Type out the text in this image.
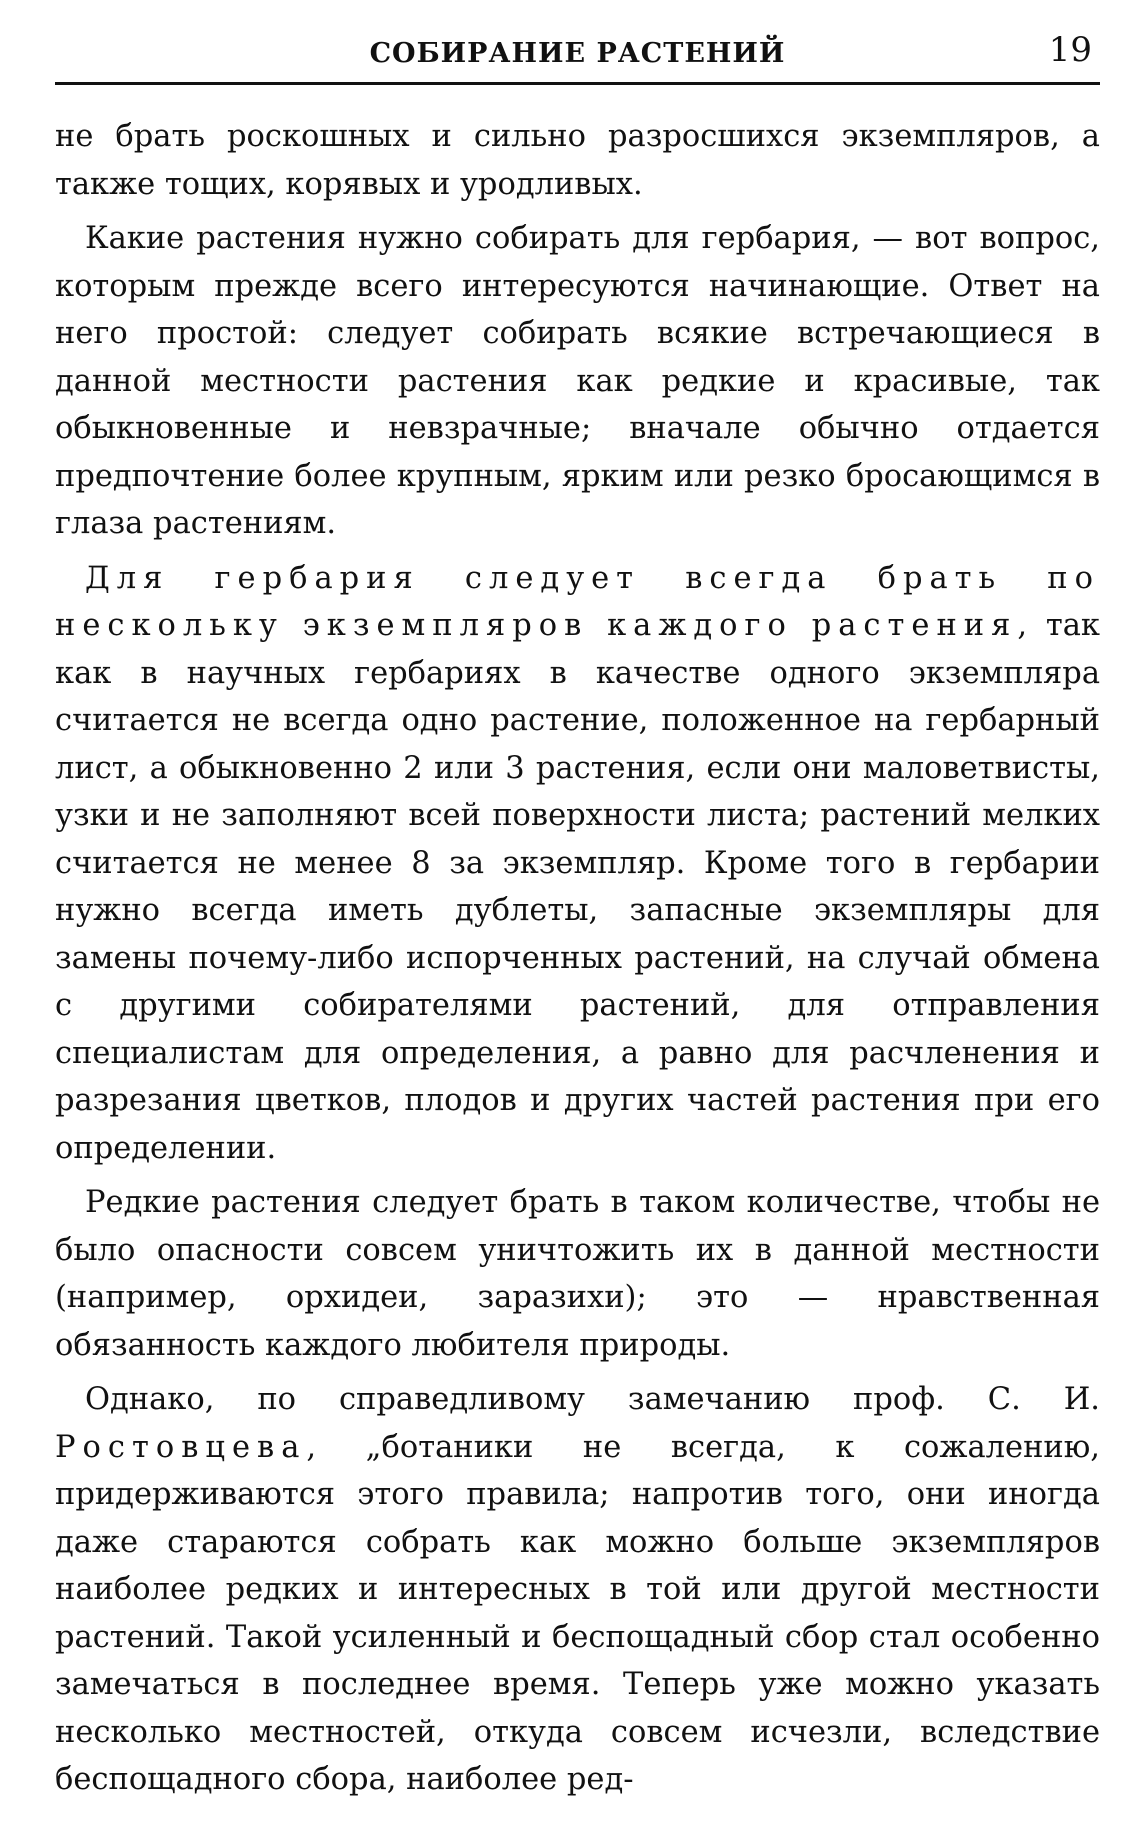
СОБИРАНИЕ РАСТЕНИЙ	19

не брать роскошных и сильно разросшихся экземпляров, а также тощих, корявых и уродливых.

Какие растения нужно собирать для гербария, — вот вопрос, которым прежде всего интересуются начинающие. Ответ на него простой: следует собирать всякие встречающиеся в данной местности растения как редкие и красивые, так обыкновенные и невзрачные; вначале обычно отдается предпочтение более крупным, ярким или резко бросающимся в глаза растениям.

Для гербария следует всегда брать по нескольку экземпляров каждого растения, так как в научных гербариях в качестве одного экземпляра считается не всегда одно растение, положенное на гербарный лист, а обыкновенно 2 или 3 растения, если они маловетвисты, узки и не заполняют всей поверхности листа; растений мелких считается не менее 8 за экземпляр. Кроме того в гербарии нужно всегда иметь дублеты, запасные экземпляры для замены почему-либо испорченных растений, на случай обмена с другими собирателями растений, для отправления специалистам для определения, а равно для расчленения и разрезания цветков, плодов и других частей растения при его определении.

Редкие растения следует брать в таком количестве, чтобы не было опасности совсем уничтожить их в данной местности (например, орхидеи, заразихи); это — нравственная обязанность каждого любителя природы.

Однако, по справедливому замечанию проф. С. И. Ростовцева, „ботаники не всегда, к сожалению, придерживаются этого правила; напротив того, они иногда даже стараются собрать как можно больше экземпляров наиболее редких и интересных в той или другой местности растений. Такой усиленный и беспощадный сбор стал особенно замечаться в последнее время. Теперь уже можно указать несколько местностей, откуда совсем исчезли, вследствие беспощадного сбора, наиболее ред-
